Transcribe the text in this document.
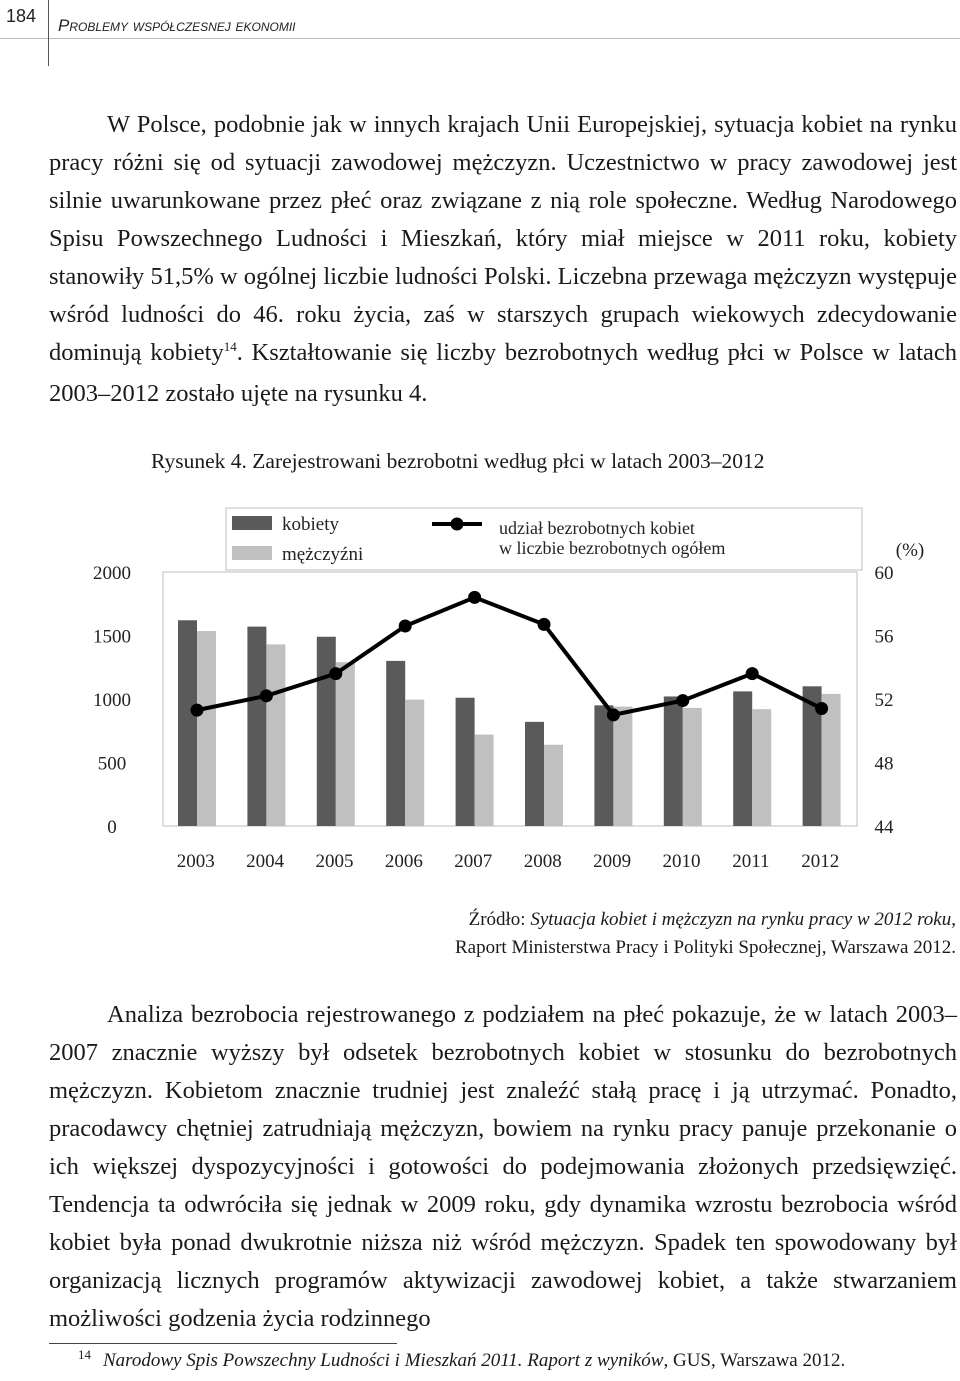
184 Problemy współczesnej ekonomii

W Polsce, podobnie jak w innych krajach Unii Europejskiej, sytuacja kobiet na rynku pracy różni się od sytuacji zawodowej mężczyzn. Uczestnictwo w pracy zawodowej jest silnie uwarunkowane przez płeć oraz związane z nią role społeczne. Według Narodowego Spisu Powszechnego Ludności i Mieszkań, który miał miejsce w 2011 roku, kobiety stanowiły 51,5% w ogólnej liczbie ludności Polski. Liczebna przewaga mężczyzn występuje wśród ludności do 46. roku życia, zaś w starszych grupach wiekowych zdecydowanie dominują kobiety$^{14}$. Kształtowanie się liczby bezrobotnych według płci w Polsce w latach 2003–2012 zostało ujęte na rysunku 4.

Rysunek 4. Zarejestrowani bezrobotni według płci w latach 2003–2012
0
500
1000
1500
2000
44
48
52
56
60
(%)
2003 2004 2005 2006 2007 2008 2009 2010 2011 2012
kobiety
mężczyźni
udział bezrobotnych kobiet
w liczbie bezrobotnych ogółem
Źródło: Sytuacja kobiet i mężczyzn na rynku pracy w 2012 roku,
Raport Ministerstwa Pracy i Polityki Społecznej, Warszawa 2012.

Analiza bezrobocia rejestrowanego z podziałem na płeć pokazuje, że w latach 2003–2007 znacznie wyższy był odsetek bezrobotnych kobiet w stosunku do bezrobotnych mężczyzn. Kobietom znacznie trudniej jest znaleźć stałą pracę i ją utrzymać. Ponadto, pracodawcy chętniej zatrudniają mężczyzn, bowiem na rynku pracy panuje przekonanie o ich większej dyspozycyjności i gotowości do podejmowania złożonych przedsięwzięć. Tendencja ta odwróciła się jednak w 2009 roku, gdy dynamika wzrostu bezrobocia wśród kobiet była ponad dwukrotnie niższa niż wśród mężczyzn. Spadek ten spowodowany był organizacją licznych programów aktywizacji zawodowej kobiet, a także stwarzaniem możliwości godzenia życia rodzinnego

$^{14}$ Narodowy Spis Powszechny Ludności i Mieszkań 2011. Raport z wyników, GUS, Warszawa 2012.
